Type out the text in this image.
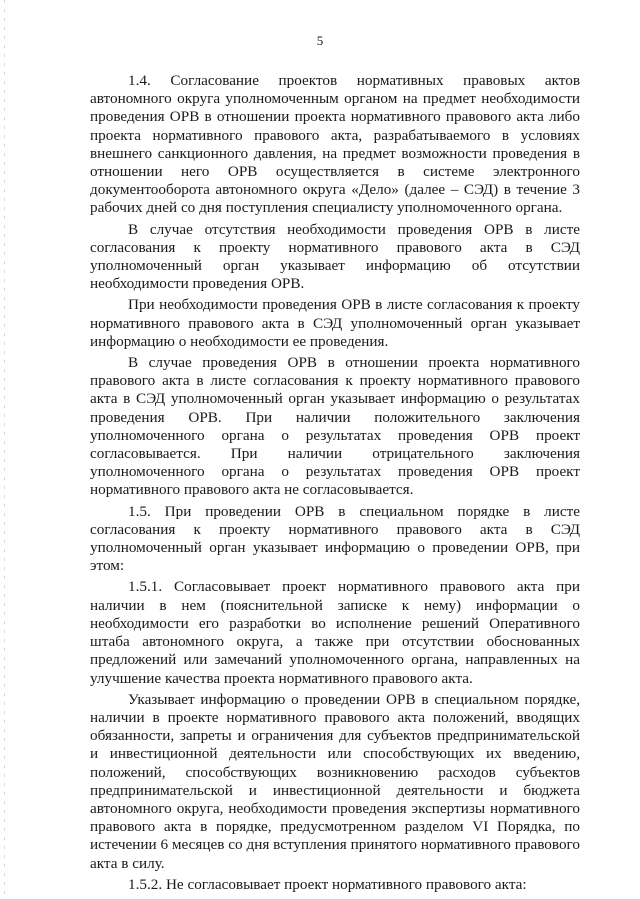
5

1.4. Согласование проектов нормативных правовых актов автономного округа уполномоченным органом на предмет необходимости проведения ОРВ в отношении проекта нормативного правового акта либо проекта нормативного правового акта, разрабатываемого в условиях внешнего санкционного давления, на предмет возможности проведения в отношении него ОРВ осуществляется в системе электронного документооборота автономного округа «Дело» (далее – СЭД) в течение 3 рабочих дней со дня поступления специалисту уполномоченного органа.

В случае отсутствия необходимости проведения ОРВ в листе согласования к проекту нормативного правового акта в СЭД уполномоченный орган указывает информацию об отсутствии необходимости проведения ОРВ.

При необходимости проведения ОРВ в листе согласования к проекту нормативного правового акта в СЭД уполномоченный орган указывает информацию о необходимости ее проведения.

В случае проведения ОРВ в отношении проекта нормативного правового акта в листе согласования к проекту нормативного правового акта в СЭД уполномоченный орган указывает информацию о результатах проведения ОРВ. При наличии положительного заключения уполномоченного органа о результатах проведения ОРВ проект согласовывается. При наличии отрицательного заключения уполномоченного органа о результатах проведения ОРВ проект нормативного правового акта не согласовывается.

1.5. При проведении ОРВ в специальном порядке в листе согласования к проекту нормативного правового акта в СЭД уполномоченный орган указывает информацию о проведении ОРВ, при этом:

1.5.1. Согласовывает проект нормативного правового акта при наличии в нем (пояснительной записке к нему) информации о необходимости его разработки во исполнение решений Оперативного штаба автономного округа, а также при отсутствии обоснованных предложений или замечаний уполномоченного органа, направленных на улучшение качества проекта нормативного правового акта.

Указывает информацию о проведении ОРВ в специальном порядке, наличии в проекте нормативного правового акта положений, вводящих обязанности, запреты и ограничения для субъектов предпринимательской и инвестиционной деятельности или способствующих их введению, положений, способствующих возникновению расходов субъектов предпринимательской и инвестиционной деятельности и бюджета автономного округа, необходимости проведения экспертизы нормативного правового акта в порядке, предусмотренном разделом VI Порядка, по истечении 6 месяцев со дня вступления принятого нормативного правового акта в силу.

1.5.2. Не согласовывает проект нормативного правового акта:
